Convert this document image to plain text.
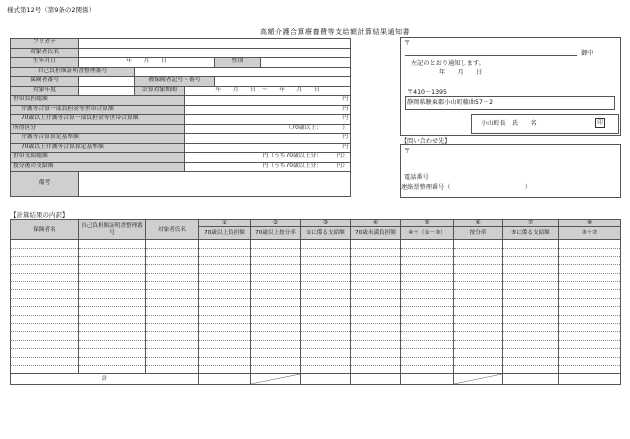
様式第12号（第9条の2関係）
高額介護合算療養費等支給額計算結果通知書
フリガナ					
対象者氏名					
生年月日	年　　月　　日			性別	
自己負担額証明書整理番号					
保険者番号		被保険者記号・番号			
対象年度		計算対象期間	年　　月　　日　～　　年　　月　　日		
世帯負担総額			円		
介護等合算一部負担金等世帯合算額			円		
70歳以上介護等合算一部負担金等世帯合算額			円		
所得区分			（70歳以上：　　　　）		
介護等合算算定基準額			円		
70歳以上介護等合算算定基準額			円		
世帯支給総額			円（うち70歳以上分：　　　円）		
按分後の支給額			円（うち70歳以上分：　　　円）		
備考					
〒
御中
左記のとおり通知します。
年　　月　　日
〒410－1395
静岡県駿東郡小山町藤曲57－2
小山町長　氏　　名	印
【問い合わせ先】
〒
電話番号
連絡票整理番号（　　　　　　　　　　　　）
【計算結果の内訳】
保険者名	自己負担額証明書整理番号	対象者氏名	①	②	③	④	⑤	⑥	⑦	⑧
			70歳以上負担額	70歳以上按分率	①に係る支給額	70歳未満負担額	④＋（①－③）	按分率	⑤に係る支給額	③＋⑦

計		
